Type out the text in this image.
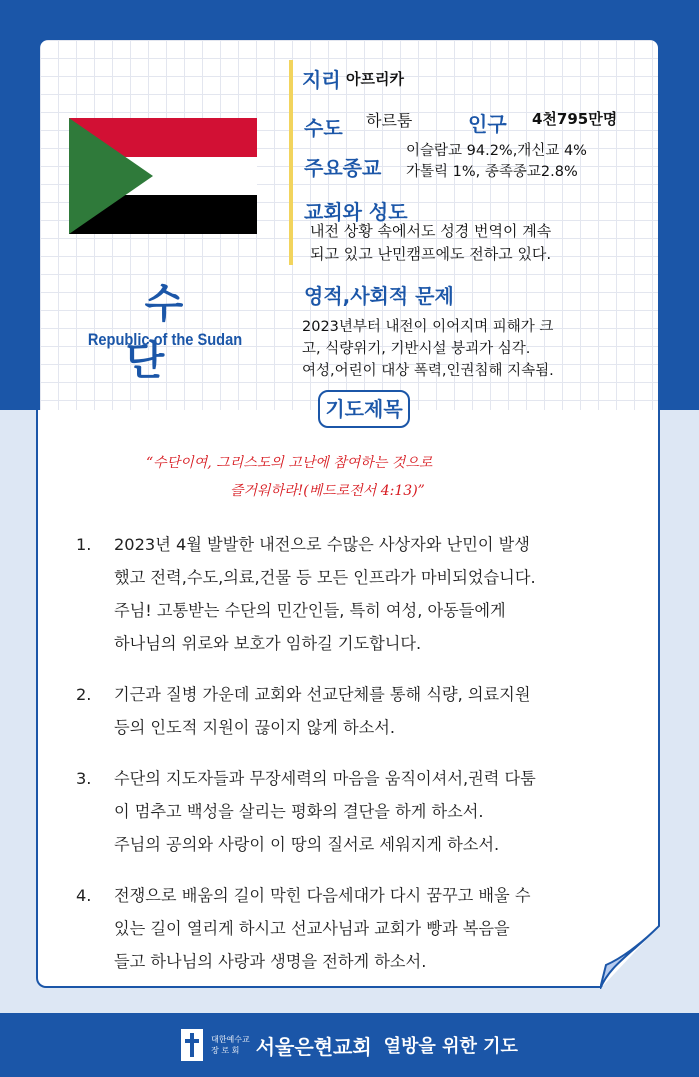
수단
Republic of the Sudan
지리 아프리카
수도 하르툼	인구 4천795만명
주요종교
이슬람교 94.2%,개신교 4%
가톨릭 1%, 종족종교2.8%
교회와 성도
내전 상황 속에서도 성경 번역이 계속
되고 있고 난민캠프에도 전하고 있다.
영적,사회적 문제
2023년부터 내전이 이어지며 피해가 크
고, 식량위기, 기반시설 붕괴가 심각.
여성,어린이 대상 폭력,인권침해 지속됨.
기도제목
“수단이여, 그리스도의 고난에 참여하는 것으로
즐거워하라!(베드로전서 4:13)”
1. 2023년 4월 발발한 내전으로 수많은 사상자와 난민이 발생
했고 전력,수도,의료,건물 등 모든 인프라가 마비되었습니다.
주님! 고통받는 수단의 민간인들, 특히 여성, 아동들에게
하나님의 위로와 보호가 임하길 기도합니다.
2. 기근과 질병 가운데 교회와 선교단체를 통해 식량, 의료지원
등의 인도적 지원이 끊이지 않게 하소서.
3. 수단의 지도자들과 무장세력의 마음을 움직이셔서,권력 다툼
이 멈추고 백성을 살리는 평화의 결단을 하게 하소서.
주님의 공의와 사랑이 이 땅의 질서로 세워지게 하소서.
4. 전쟁으로 배움의 길이 막힌 다음세대가 다시 꿈꾸고 배울 수
있는 길이 열리게 하시고 선교사님과 교회가 빵과 복음을
들고 하나님의 사랑과 생명을 전하게 하소서.
대한예수교
장 로 회 서울은현교회 열방을 위한 기도
